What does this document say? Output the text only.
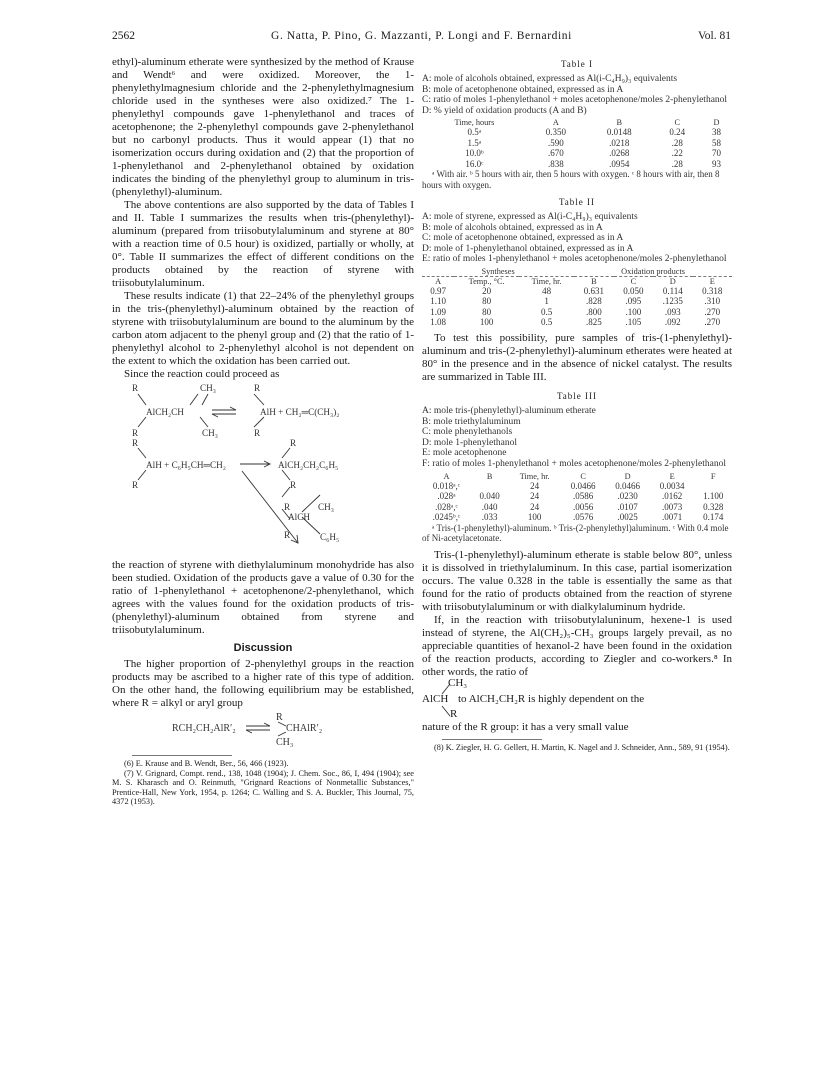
2562	G. Natta, P. Pino, G. Mazzanti, P. Longi and F. Bernardini	Vol. 81

ethyl)-aluminum etherate were synthesized by the method of Krause and Wendt⁶ and were oxidized. Moreover, the 1-phenylethylmagnesium chloride and the 2-phenylethylmagnesium chloride used in the syntheses were also oxidized.⁷ The 1-phenylethyl compounds gave 1-phenylethanol and traces of acetophenone; the 2-phenylethyl compounds gave 2-phenylethanol but no carbonyl products. Thus it would appear (1) that no isomerization occurs during oxidation and (2) that the proportion of 1-phenylethanol and 2-phenylethanol obtained by oxidation indicates the binding of the phenylethyl group to aluminum in tris-(phenylethyl)-aluminum.

The above contentions are also supported by the data of Tables I and II. Table I summarizes the results when tris-(phenylethyl)-aluminum (prepared from triisobutylaluminum and styrene at 80° with a reaction time of 0.5 hour) is oxidized, partially or wholly, at 0°. Table II summarizes the effect of different conditions on the products obtained by the reaction of styrene with triisobutylaluminum.

These results indicate (1) that 22–24% of the phenylethyl groups in the tris-(phenylethyl)-aluminum obtained by the reaction of styrene with triisobutylaluminum are bound to the aluminum by the carbon atom adjacent to the phenyl group and (2) that the ratio of 1-phenylethyl alcohol to 2-phenylethyl alcohol is not dependent on the extent to which the oxidation has been carried out.

Since the reaction could proceed as

R	CH₃	R
AlCH₂CH	AlH + CH₂═C(CH₃)₂
R	CH₃	R
R	R
AlH + C₆H₅CH═CH₂	AlCH₂CH₂C₆H₅
R	R
R	CH₃
AlCH
R	C₆H₅

the reaction of styrene with diethylaluminum monohydride has also been studied. Oxidation of the products gave a value of 0.30 for the ratio of 1-phenylethanol + acetophenone/2-phenylethanol, which agrees with the values found for the oxidation products of tris-(phenylethyl)-aluminum obtained from styrene and triisobutylaluminum.

Discussion

The higher proportion of 2-phenylethyl groups in the reaction products may be ascribed to a higher rate of this type of addition. On the other hand, the following equilibrium may be established, where R = alkyl or aryl group

RCH₂CH₂AlR′₂
R
CHAlR′₂
CH₃

(6) E. Krause and B. Wendt, Ber., 56, 466 (1923).

(7) V. Grignard, Compt. rend., 138, 1048 (1904); J. Chem. Soc., 86, I, 494 (1904); see M. S. Kharasch and O. Reinmuth, "Grignard Reactions of Nonmetallic Substances," Prentice-Hall, New York, 1954, p. 1264; C. Walling and S. A. Buckler, This Journal, 75, 4372 (1953).

Table I
A: mole of alcohols obtained, expressed as Al(i-C₄H₉)₃ equivalents
B: mole of acetophenone obtained, expressed as in A
C: ratio of moles 1-phenylethanol + moles acetophenone/moles 2-phenylethanol
D: % yield of oxidation products (A and B)
Time, hours	A	B	C	D
0.5ᵃ	0.350	0.0148	0.24	38
1.5ᵃ	.590	.0218	.28	58
10.0ᵇ	.670	.0268	.22	70
16.0ᶜ	.838	.0954	.28	93
ᵃ With air. ᵇ 5 hours with air, then 5 hours with oxygen. ᶜ 8 hours with air, then 8 hours with oxygen.
Table II
A: mole of styrene, expressed as Al(i-C₄H₉)₃ equivalents
B: mole of alcohols obtained, expressed as in A
C: mole of acetophenone obtained, expressed as in A
D: mole of 1-phenylethanol obtained, expressed as in A
E: ratio of moles 1-phenylethanol + moles acetophenone/moles 2-phenylethanol
Syntheses			Oxidation products			
A	Temp., °C.	Time, hr.	B	C	D	E
0.97	20	48	0.631	0.050	0.114	0.318
1.10	80	1	.828	.095	.1235	.310
1.09	80	0.5	.800	.100	.093	.270
1.08	100	0.5	.825	.105	.092	.270

To test this possibility, pure samples of tris-(1-phenylethyl)-aluminum and tris-(2-phenylethyl)-aluminum etherates were heated at 80° in the presence and in the absence of nickel catalyst. The results are summarized in Table III.

Table III
A: mole tris-(phenylethyl)-aluminum etherate
B: mole triethylaluminum
C: mole phenylethanols
D: mole 1-phenylethanol
E: mole acetophenone
F: ratio of moles 1-phenylethanol + moles acetophenone/moles 2-phenylethanol
A	B	Time, hr.	C	D	E	F
0.018ᵃ,ᶜ		24	0.0466	0.0466	0.0034	
.028ᵃ	0.040	24	.0586	.0230	.0162	1.100
.028ᵃ,ᶜ	.040	24	.0056	.0107	.0073	0.328
.0245ᵇ,ᶜ	.033	100	.0576	.0025	.0071	0.174
ᵃ Tris-(1-phenylethyl)-aluminum. ᵇ Tris-(2-phenylethyl)aluminum. ᶜ With 0.4 mole of Ni-acetylacetonate.

Tris-(1-phenylethyl)-aluminum etherate is stable below 80°, unless it is dissolved in triethylaluminum. In this case, partial isomerization occurs. The value 0.328 in the table is essentially the same as that found for the ratio of products obtained from the reaction of styrene with triisobutylaluminum or with dialkylaluminum hydride.

If, in the reaction with triisobutylaluninum, hexene-1 is used instead of styrene, the Al(CH₂)₅-CH₃ groups largely prevail, as no appreciable quantities of hexanol-2 have been found in the oxidation of the reaction products, according to Ziegler and co-workers.⁸ In other words, the ratio of

CH₃
AlCH to AlCH₂CH₂R is highly dependent on the
R

nature of the R group: it has a very small value

(8) K. Ziegler, H. G. Gellert, H. Martin, K. Nagel and J. Schneider, Ann., 589, 91 (1954).
